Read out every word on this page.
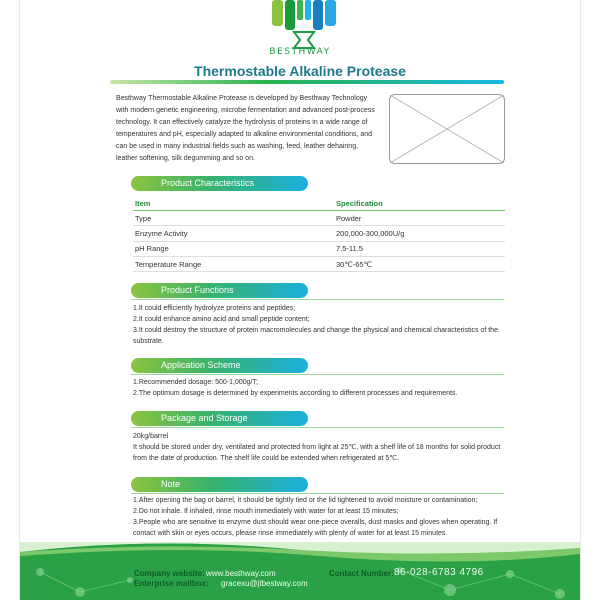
BESTHWAY
Thermostable Alkaline Protease
Besthway Thermostable Alkaline Protease is developed by Besthway Technology with modern genetic engineering, microbe fermentation and advanced post-process technology. It can effectively catalyze the hydrolysis of proteins in a wide range of temperatures and pH, especially adapted to alkaline environmental conditions, and can be used in many industrial fields such as washing, feed, leather dehairing, leather softening, silk degumming and so on.
Product Characteristics
Item	Specification
Type	Powder
Enzyme Activity	200,000-300,000U/g
pH Range	7.5-11.5
Temperature Range	30℃-65℃
Product Functions
1.It could efficiently hydrolyze proteins and peptides;
2.It could enhance amino acid and small peptide content;
3.It could destroy the structure of protein macromolecules and change the physical and chemical characteristics of the substrate.
Application Scheme
1.Recommended dosage: 500-1,000g/T;
2.The optimum dosage is determined by experiments according to different processes and requirements.
Package and Storage
20kg/barrel
It should be stored under dry, ventilated and protected from light at 25℃, with a shelf life of 18 months for solid product from the date of production. The shelf life could be extended when refrigerated at 5℃.
Note
1.After opening the bag or barrel, it should be tightly tied or the lid tightened to avoid moisture or contamination;
2.Do not inhale. If inhaled, rinse mouth immediately with water for at least 15 minutes;
3.People who are sensitive to enzyme dust should wear one-piece overalls, dust masks and gloves when operating. If contact with skin or eyes occurs, please rinse immediately with plenty of water for at least 15 minutes.
Company website: www.besthway.com
Enterprise mailbox: gracexu@jtbestway.com
Contact Number: 86-028-6783 4796
